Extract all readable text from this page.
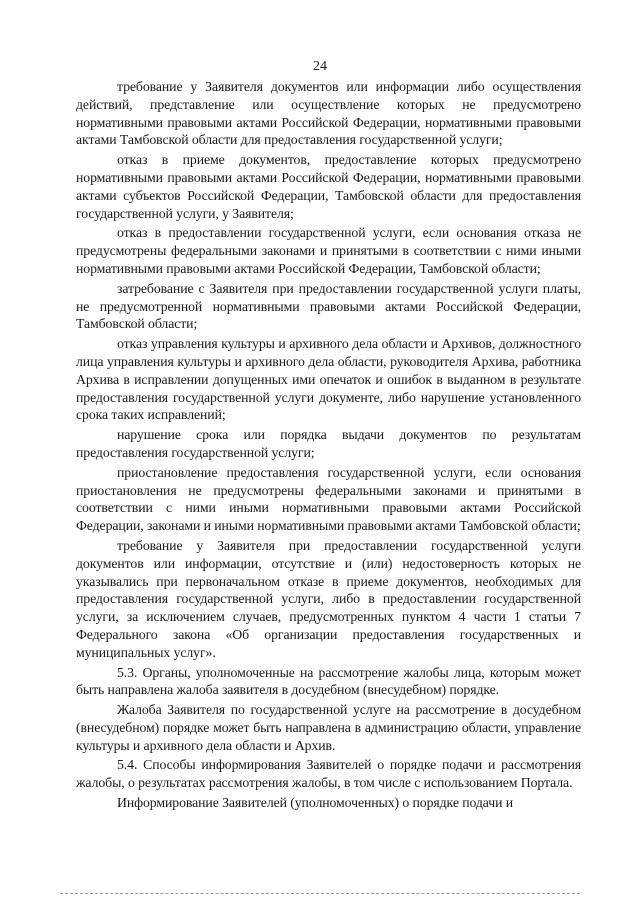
24

требование у Заявителя документов или информации либо осуществления действий, представление или осуществление которых не предусмотрено нормативными правовыми актами Российской Федерации, нормативными правовыми актами Тамбовской области для предоставления государственной услуги;

отказ в приеме документов, предоставление которых предусмотрено нормативными правовыми актами Российской Федерации, нормативными правовыми актами субъектов Российской Федерации, Тамбовской области для предоставления государственной услуги, у Заявителя;

отказ в предоставлении государственной услуги, если основания отказа не предусмотрены федеральными законами и принятыми в соответствии с ними иными нормативными правовыми актами Российской Федерации, Тамбовской области;

затребование с Заявителя при предоставлении государственной услуги платы, не предусмотренной нормативными правовыми актами Российской Федерации, Тамбовской области;

отказ управления культуры и архивного дела области и Архивов, должностного лица управления культуры и архивного дела области, руководителя Архива, работника Архива в исправлении допущенных ими опечаток и ошибок в выданном в результате предоставления государственной услуги документе, либо нарушение установленного срока таких исправлений;

нарушение срока или порядка выдачи документов по результатам предоставления государственной услуги;

приостановление предоставления государственной услуги, если основания приостановления не предусмотрены федеральными законами и принятыми в соответствии с ними иными нормативными правовыми актами Российской Федерации, законами и иными нормативными правовыми актами Тамбовской области;

требование у Заявителя при предоставлении государственной услуги документов или информации, отсутствие и (или) недостоверность которых не указывались при первоначальном отказе в приеме документов, необходимых для предоставления государственной услуги, либо в предоставлении государственной услуги, за исключением случаев, предусмотренных пунктом 4 части 1 статьи 7 Федерального закона «Об организации предоставления государственных и муниципальных услуг».

5.3. Органы, уполномоченные на рассмотрение жалобы лица, которым может быть направлена жалоба заявителя в досудебном (внесудебном) порядке.

Жалоба Заявителя по государственной услуге на рассмотрение в досудебном (внесудебном) порядке может быть направлена в администрацию области, управление культуры и архивного дела области и Архив.

5.4. Способы информирования Заявителей о порядке подачи и рассмотрения жалобы, о результатах рассмотрения жалобы, в том числе с использованием Портала.

Информирование Заявителей (уполномоченных) о порядке подачи и
